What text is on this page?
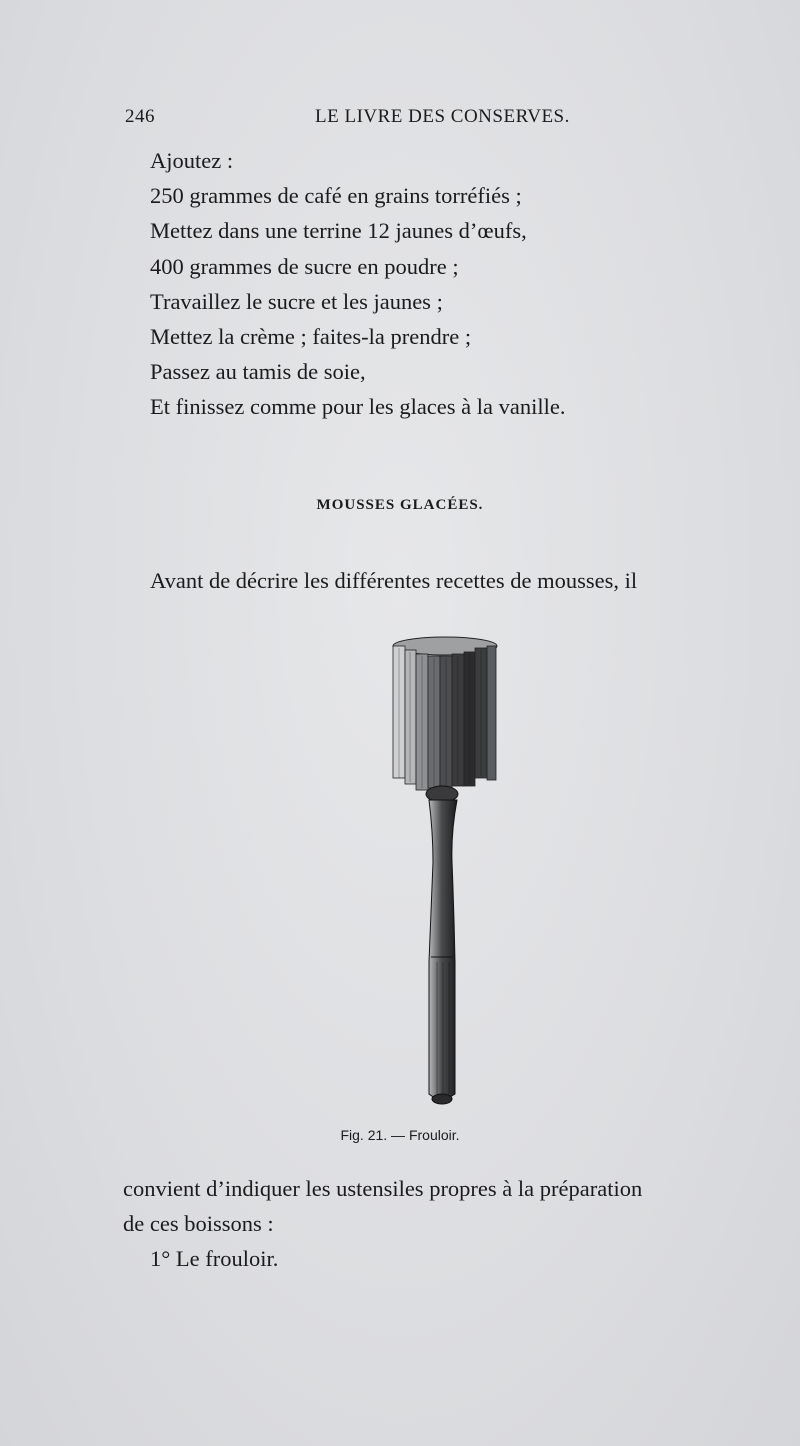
246	LE LIVRE DES CONSERVES.
Ajoutez :
250 grammes de café en grains torréfiés ;
Mettez dans une terrine 12 jaunes d’œufs,
400 grammes de sucre en poudre ;
Travaillez le sucre et les jaunes ;
Mettez la crème ; faites-la prendre ;
Passez au tamis de soie,
Et finissez comme pour les glaces à la vanille.
MOUSSES GLACÉES.
Avant de décrire les différentes recettes de mousses, il
Fig. 21. — Frouloir.
convient d’indiquer les ustensiles propres à la préparation
de ces boissons :
1° Le frouloir.
